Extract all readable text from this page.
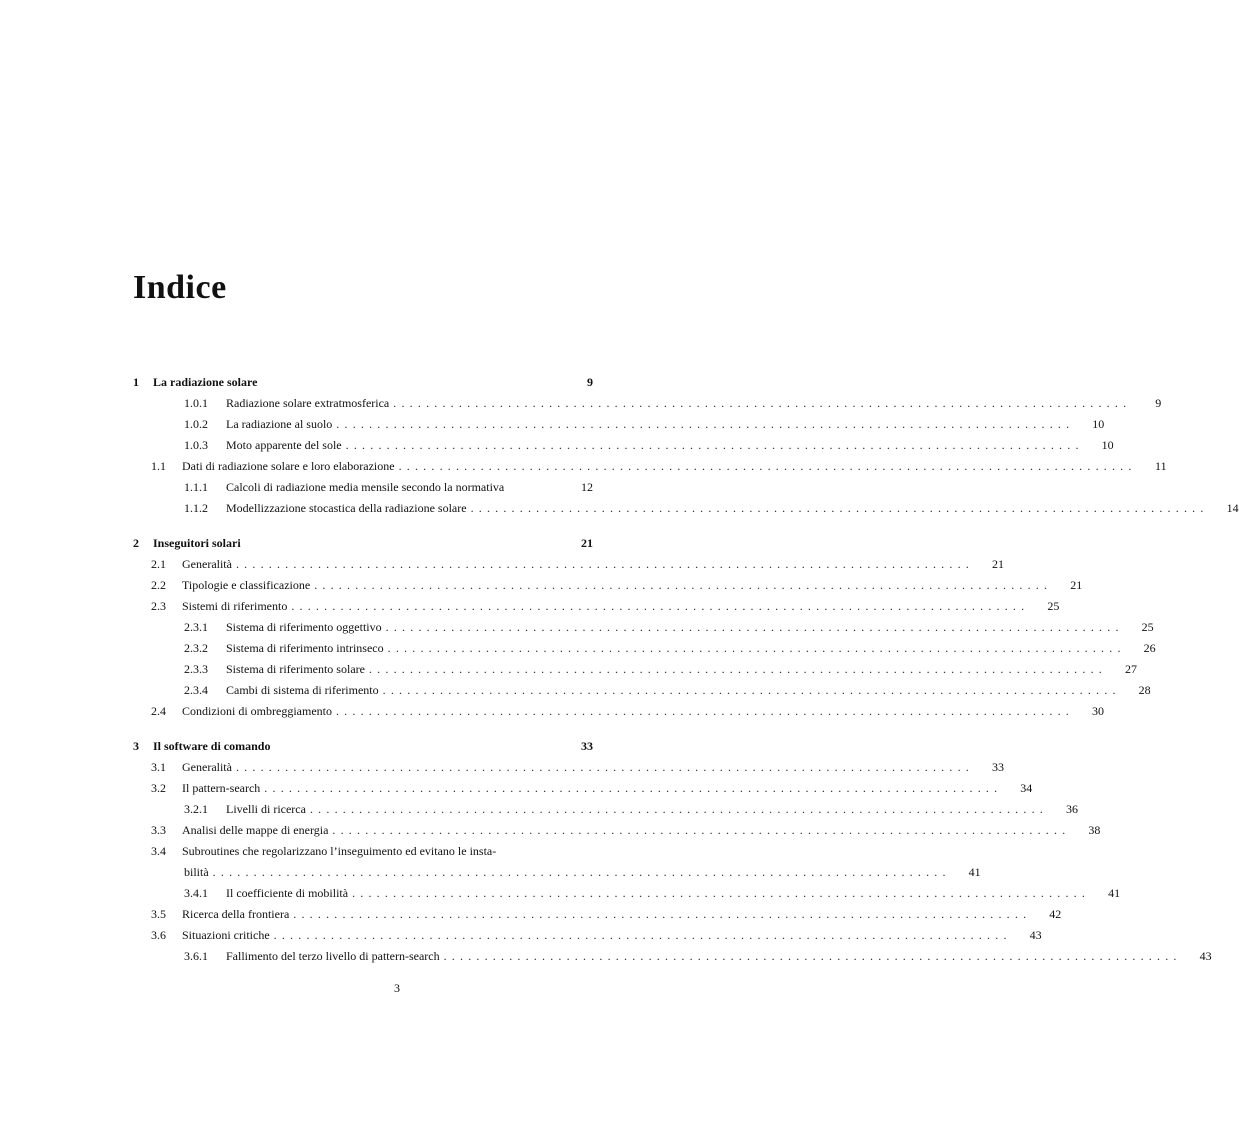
Indice
1	La radiazione solare	9
1.0.1	Radiazione solare extratmosferica ..........................................................................................	9
1.0.2	La radiazione al suolo ..........................................................................................	10
1.0.3	Moto apparente del sole ..........................................................................................	10
1.1	Dati di radiazione solare e loro elaborazione ..........................................................................................	11
1.1.1	Calcoli di radiazione media mensile secondo la normativa	12
1.1.2	Modellizzazione stocastica della radiazione solare ..........................................................................................	14
2	Inseguitori solari	21
2.1	Generalità ..........................................................................................	21
2.2	Tipologie e classificazione ..........................................................................................	21
2.3	Sistemi di riferimento ..........................................................................................	25
2.3.1	Sistema di riferimento oggettivo ..........................................................................................	25
2.3.2	Sistema di riferimento intrinseco ..........................................................................................	26
2.3.3	Sistema di riferimento solare ..........................................................................................	27
2.3.4	Cambi di sistema di riferimento ..........................................................................................	28
2.4	Condizioni di ombreggiamento ..........................................................................................	30
3	Il software di comando	33
3.1	Generalità ..........................................................................................	33
3.2	Il pattern-search ..........................................................................................	34
3.2.1	Livelli di ricerca ..........................................................................................	36
3.3	Analisi delle mappe di energia ..........................................................................................	38
3.4	Subroutines che regolarizzano l’inseguimento ed evitano le insta-
bilità ..........................................................................................	41
3.4.1	Il coefficiente di mobilità ..........................................................................................	41
3.5	Ricerca della frontiera ..........................................................................................	42
3.6	Situazioni critiche ..........................................................................................	43
3.6.1	Fallimento del terzo livello di pattern-search ..........................................................................................	43
3
